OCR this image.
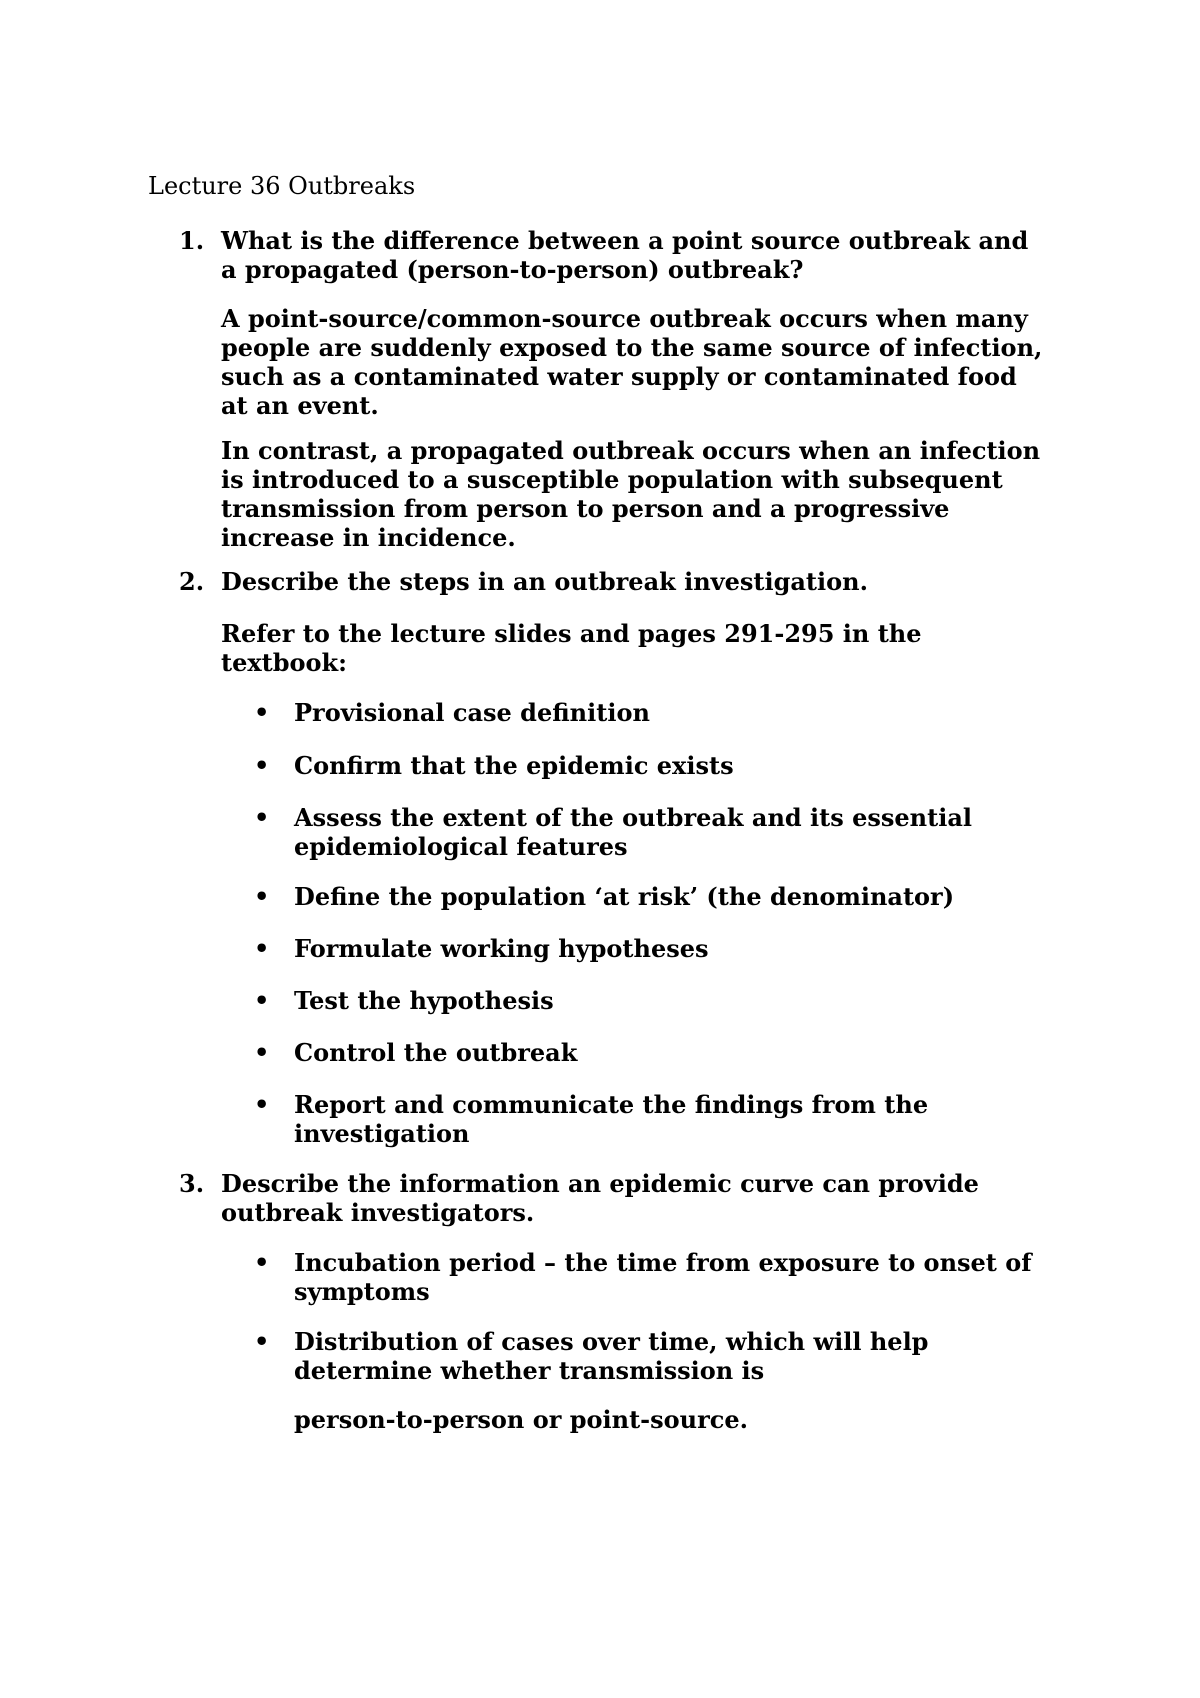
Lecture 36 Outbreaks
1. What is the difference between a point source outbreak and
a propagated (person-to-person) outbreak?
A point-source/common-source outbreak occurs when many
people are suddenly exposed to the same source of infection,
such as a contaminated water supply or contaminated food
at an event.
In contrast, a propagated outbreak occurs when an infection
is introduced to a susceptible population with subsequent
transmission from person to person and a progressive
increase in incidence.
2. Describe the steps in an outbreak investigation.
Refer to the lecture slides and pages 291-295 in the
textbook:
• Provisional case definition
• Confirm that the epidemic exists
• Assess the extent of the outbreak and its essential
epidemiological features
• Define the population ‘at risk’ (the denominator)
• Formulate working hypotheses
• Test the hypothesis
• Control the outbreak
• Report and communicate the findings from the
investigation
3. Describe the information an epidemic curve can provide
outbreak investigators.
• Incubation period – the time from exposure to onset of
symptoms
• Distribution of cases over time, which will help
determine whether transmission is
person-to-person or point-source.
